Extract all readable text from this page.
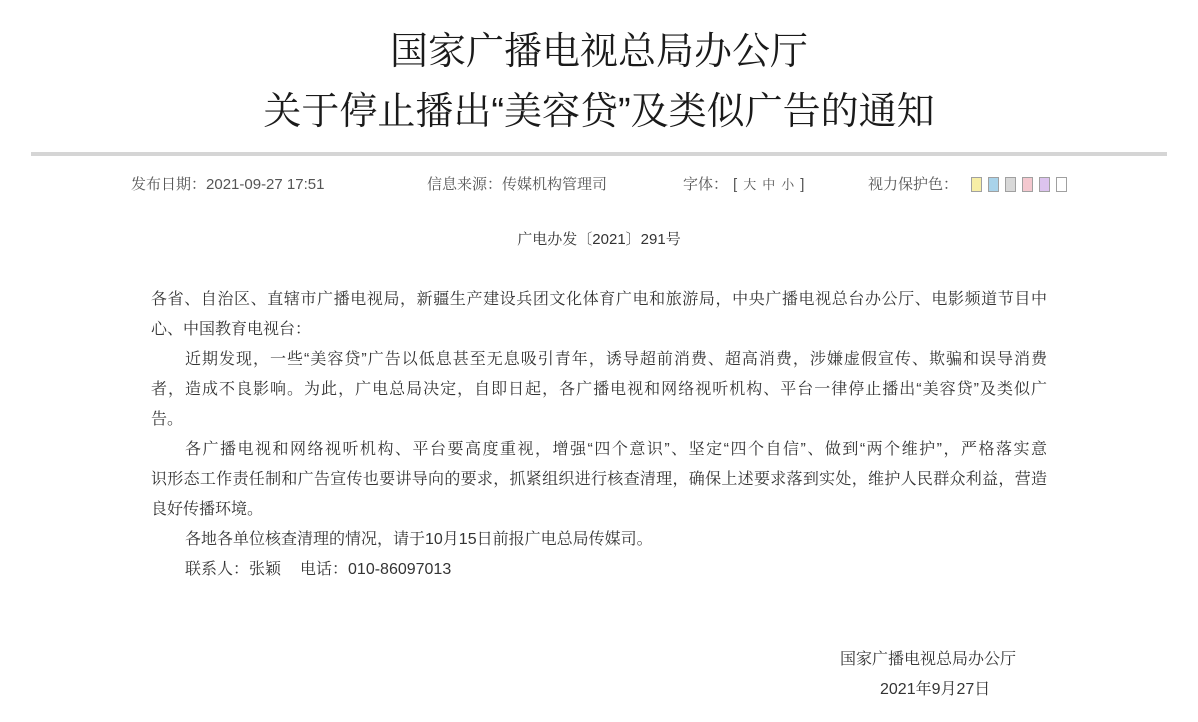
国家广播电视总局办公厅
关于停止播出“美容贷”及类似广告的通知
发布日期：2021-09-27 17:51	信息来源：传媒机构管理司	字体： [ 大 中 小 ]	视力保护色：
广电办发〔2021〕291号
各省、自治区、直辖市广播电视局，新疆生产建设兵团文化体育广电和旅游局，中央广播电视总台办公厅、电影频道节目中
心、中国教育电视台：
近期发现，一些“美容贷”广告以低息甚至无息吸引青年，诱导超前消费、超高消费，涉嫌虚假宣传、欺骗和误导消费
者，造成不良影响。为此，广电总局决定，自即日起，各广播电视和网络视听机构、平台一律停止播出“美容贷”及类似广
告。
各广播电视和网络视听机构、平台要高度重视，增强“四个意识”、坚定“四个自信”、做到“两个维护”，严格落实意
识形态工作责任制和广告宣传也要讲导向的要求，抓紧组织进行核查清理，确保上述要求落到实处，维护人民群众利益，营造
良好传播环境。
各地各单位核查清理的情况，请于10月15日前报广电总局传媒司。
联系人：张颖 电话：010-86097013
国家广播电视总局办公厅
2021年9月27日
